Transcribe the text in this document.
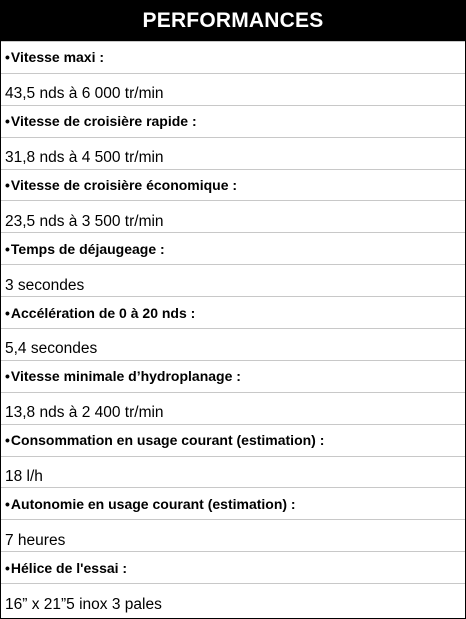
PERFORMANCES
• Vitesse maxi :
43,5 nds à 6 000 tr/min
• Vitesse de croisière rapide :
31,8 nds à 4 500 tr/min
• Vitesse de croisière économique :
23,5 nds à 3 500 tr/min
• Temps de déjaugeage :
3 secondes
• Accélération de 0 à 20 nds :
5,4 secondes
• Vitesse minimale d’hydroplanage :
13,8 nds à 2 400 tr/min
• Consommation en usage courant (estimation) :
18 l/h
• Autonomie en usage courant (estimation) :
7 heures
• Hélice de l'essai :
16” x 21”5 inox 3 pales
